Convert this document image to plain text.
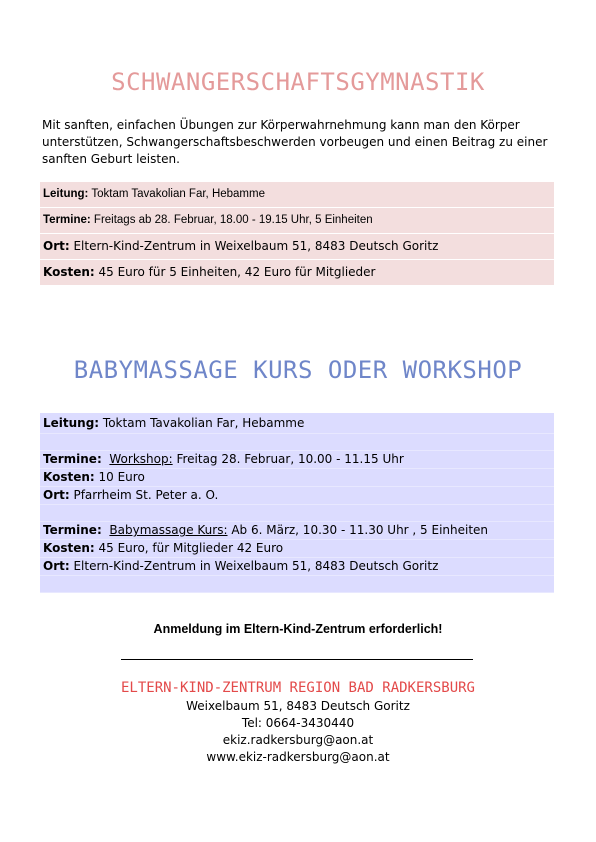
SCHWANGERSCHAFTSGYMNASTIK
Mit sanften, einfachen Übungen zur Körperwahrnehmung kann man den Körper unterstützen, Schwangerschaftsbeschwerden vorbeugen und einen Beitrag zu einer sanften Geburt leisten.
Leitung: Toktam Tavakolian Far, Hebamme
Termine: Freitags ab 28. Februar, 18.00 - 19.15 Uhr, 5 Einheiten
Ort: Eltern-Kind-Zentrum in Weixelbaum 51, 8483 Deutsch Goritz
Kosten: 45 Euro für 5 Einheiten, 42 Euro für Mitglieder
BABYMASSAGE KURS ODER WORKSHOP
Leitung: Toktam Tavakolian Far, Hebamme
Termine: Workshop: Freitag 28. Februar, 10.00 - 11.15 Uhr
Kosten: 10 Euro
Ort: Pfarrheim St. Peter a. O.
Termine: Babymassage Kurs: Ab 6. März, 10.30 - 11.30 Uhr , 5 Einheiten
Kosten: 45 Euro, für Mitglieder 42 Euro
Ort: Eltern-Kind-Zentrum in Weixelbaum 51, 8483 Deutsch Goritz
Anmeldung im Eltern-Kind-Zentrum erforderlich!
ELTERN-KIND-ZENTRUM REGION BAD RADKERSBURG
Weixelbaum 51, 8483 Deutsch Goritz
Tel: 0664-3430440
ekiz.radkersburg@aon.at
www.ekiz-radkersburg@aon.at
